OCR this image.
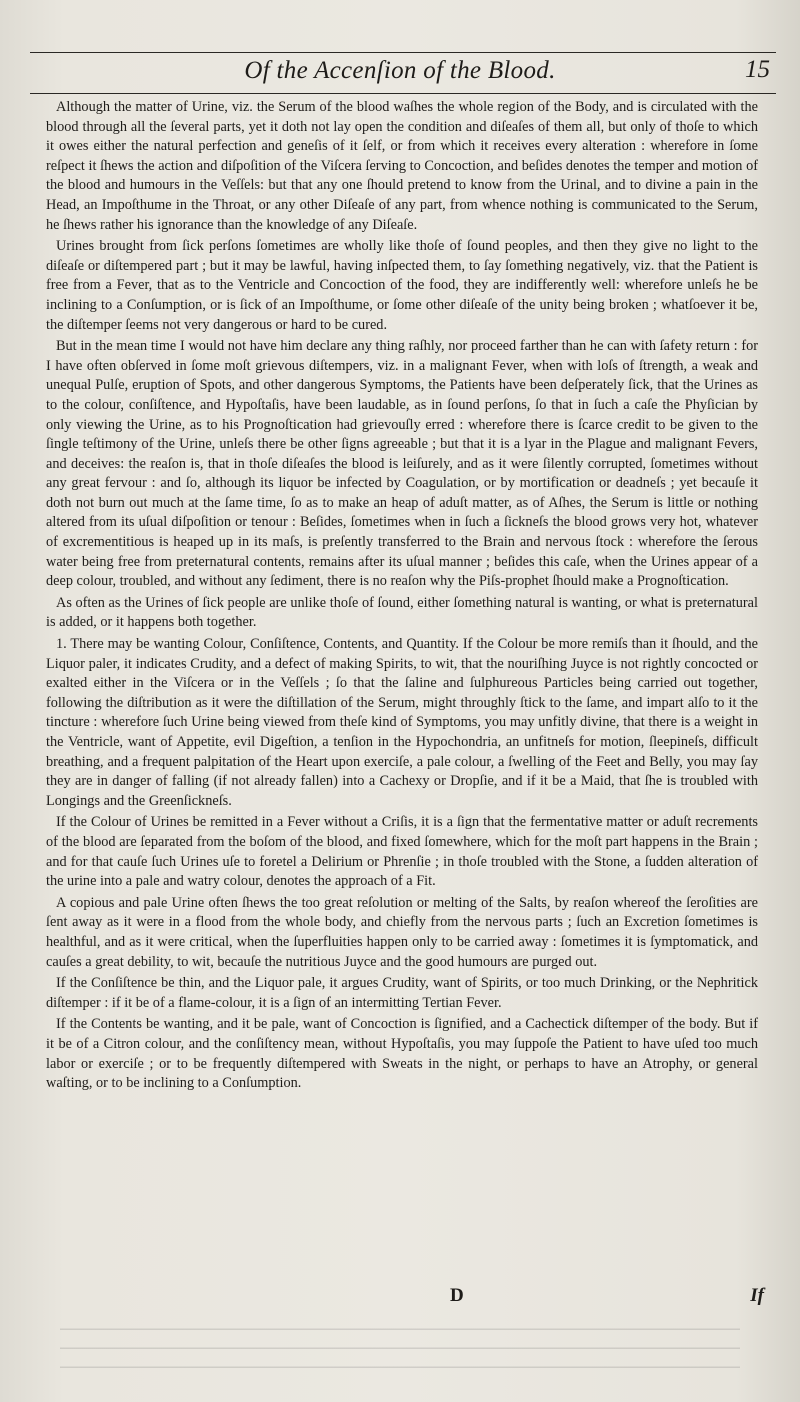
Of the Accenſion of the Blood.	15

Although the matter of Urine, viz. the Serum of the blood waſhes the whole region of the Body, and is circulated with the blood through all the ſeveral parts, yet it doth not lay open the condition and diſeaſes of them all, but only of thoſe to which it owes either the natural perfection and geneſis of it ſelf, or from which it receives every alteration : wherefore in ſome reſpect it ſhews the action and diſpoſition of the Viſcera ſerving to Concoction, and beſides denotes the temper and motion of the blood and humours in the Veſſels: but that any one ſhould pretend to know from the Urinal, and to divine a pain in the Head, an Impoſthume in the Throat, or any other Diſeaſe of any part, from whence nothing is communicated to the Serum, he ſhews rather his ignorance than the knowledge of any Diſeaſe.

Urines brought from ſick perſons ſometimes are wholly like thoſe of ſound peoples, and then they give no light to the diſeaſe or diſtempered part ; but it may be lawful, having inſpected them, to ſay ſomething negatively, viz. that the Patient is free from a Fever, that as to the Ventricle and Concoction of the food, they are indifferently well: wherefore unleſs he be inclining to a Conſumption, or is ſick of an Impoſthume, or ſome other diſeaſe of the unity being broken ; whatſoever it be, the diſtemper ſeems not very dangerous or hard to be cured.

But in the mean time I would not have him declare any thing raſhly, nor proceed farther than he can with ſafety return : for I have often obſerved in ſome moſt grievous diſtempers, viz. in a malignant Fever, when with loſs of ſtrength, a weak and unequal Pulſe, eruption of Spots, and other dangerous Symptoms, the Patients have been deſperately ſick, that the Urines as to the colour, conſiſtence, and Hypoſtaſis, have been laudable, as in ſound perſons, ſo that in ſuch a caſe the Phyſician by only viewing the Urine, as to his Prognoſtication had grievouſly erred : wherefore there is ſcarce credit to be given to the ſingle teſtimony of the Urine, unleſs there be other ſigns agreeable ; but that it is a lyar in the Plague and malignant Fevers, and deceives: the reaſon is, that in thoſe diſeaſes the blood is leiſurely, and as it were ſilently corrupted, ſometimes without any great fervour : and ſo, although its liquor be infected by Coagulation, or by mortification or deadneſs ; yet becauſe it doth not burn out much at the ſame time, ſo as to make an heap of aduſt matter, as of Aſhes, the Serum is little or nothing altered from its uſual diſpoſition or tenour : Beſides, ſometimes when in ſuch a ſickneſs the blood grows very hot, whatever of excrementitious is heaped up in its maſs, is preſently transferred to the Brain and nervous ſtock : wherefore the ſerous water being free from preternatural contents, remains after its uſual manner ; beſides this caſe, when the Urines appear of a deep colour, troubled, and without any ſediment, there is no reaſon why the Piſs-prophet ſhould make a Prognoſtication.

As often as the Urines of ſick people are unlike thoſe of ſound, either ſomething natural is wanting, or what is preternatural is added, or it happens both together.

1. There may be wanting Colour, Conſiſtence, Contents, and Quantity. If the Colour be more remiſs than it ſhould, and the Liquor paler, it indicates Crudity, and a defect of making Spirits, to wit, that the nouriſhing Juyce is not rightly concocted or exalted either in the Viſcera or in the Veſſels ; ſo that the ſaline and ſulphureous Particles being carried out together, following the diſtribution as it were the diſtillation of the Serum, might throughly ſtick to the ſame, and impart alſo to it the tincture : wherefore ſuch Urine being viewed from theſe kind of Symptoms, you may unfitly divine, that there is a weight in the Ventricle, want of Appetite, evil Digeſtion, a tenſion in the Hypochondria, an unfitneſs for motion, ſleepineſs, difficult breathing, and a frequent palpitation of the Heart upon exerciſe, a pale colour, a ſwelling of the Feet and Belly, you may ſay they are in danger of falling (if not already fallen) into a Cachexy or Dropſie, and if it be a Maid, that ſhe is troubled with Longings and the Greenſickneſs.

If the Colour of Urines be remitted in a Fever without a Criſis, it is a ſign that the fermentative matter or aduſt recrements of the blood are ſeparated from the boſom of the blood, and fixed ſomewhere, which for the moſt part happens in the Brain ; and for that cauſe ſuch Urines uſe to foretel a Delirium or Phrenſie ; in thoſe troubled with the Stone, a ſudden alteration of the urine into a pale and watry colour, denotes the approach of a Fit.

A copious and pale Urine often ſhews the too great reſolution or melting of the Salts, by reaſon whereof the ſeroſities are ſent away as it were in a flood from the whole body, and chiefly from the nervous parts ; ſuch an Excretion ſometimes is healthful, and as it were critical, when the ſuperfluities happen only to be carried away : ſometimes it is ſymptomatick, and cauſes a great debility, to wit, becauſe the nutritious Juyce and the good humours are purged out.

If the Conſiſtence be thin, and the Liquor pale, it argues Crudity, want of Spirits, or too much Drinking, or the Nephritick diſtemper : if it be of a flame-colour, it is a ſign of an intermitting Tertian Fever.

If the Contents be wanting, and it be pale, want of Concoction is ſignified, and a Cachectick diſtemper of the body. But if it be of a Citron colour, and the conſiſtency mean, without Hypoſtaſis, you may ſuppoſe the Patient to have uſed too much labor or exerciſe ; or to be frequently diſtempered with Sweats in the night, or perhaps to have an Atrophy, or general waſting, or to be inclining to a Conſumption.

D	If
